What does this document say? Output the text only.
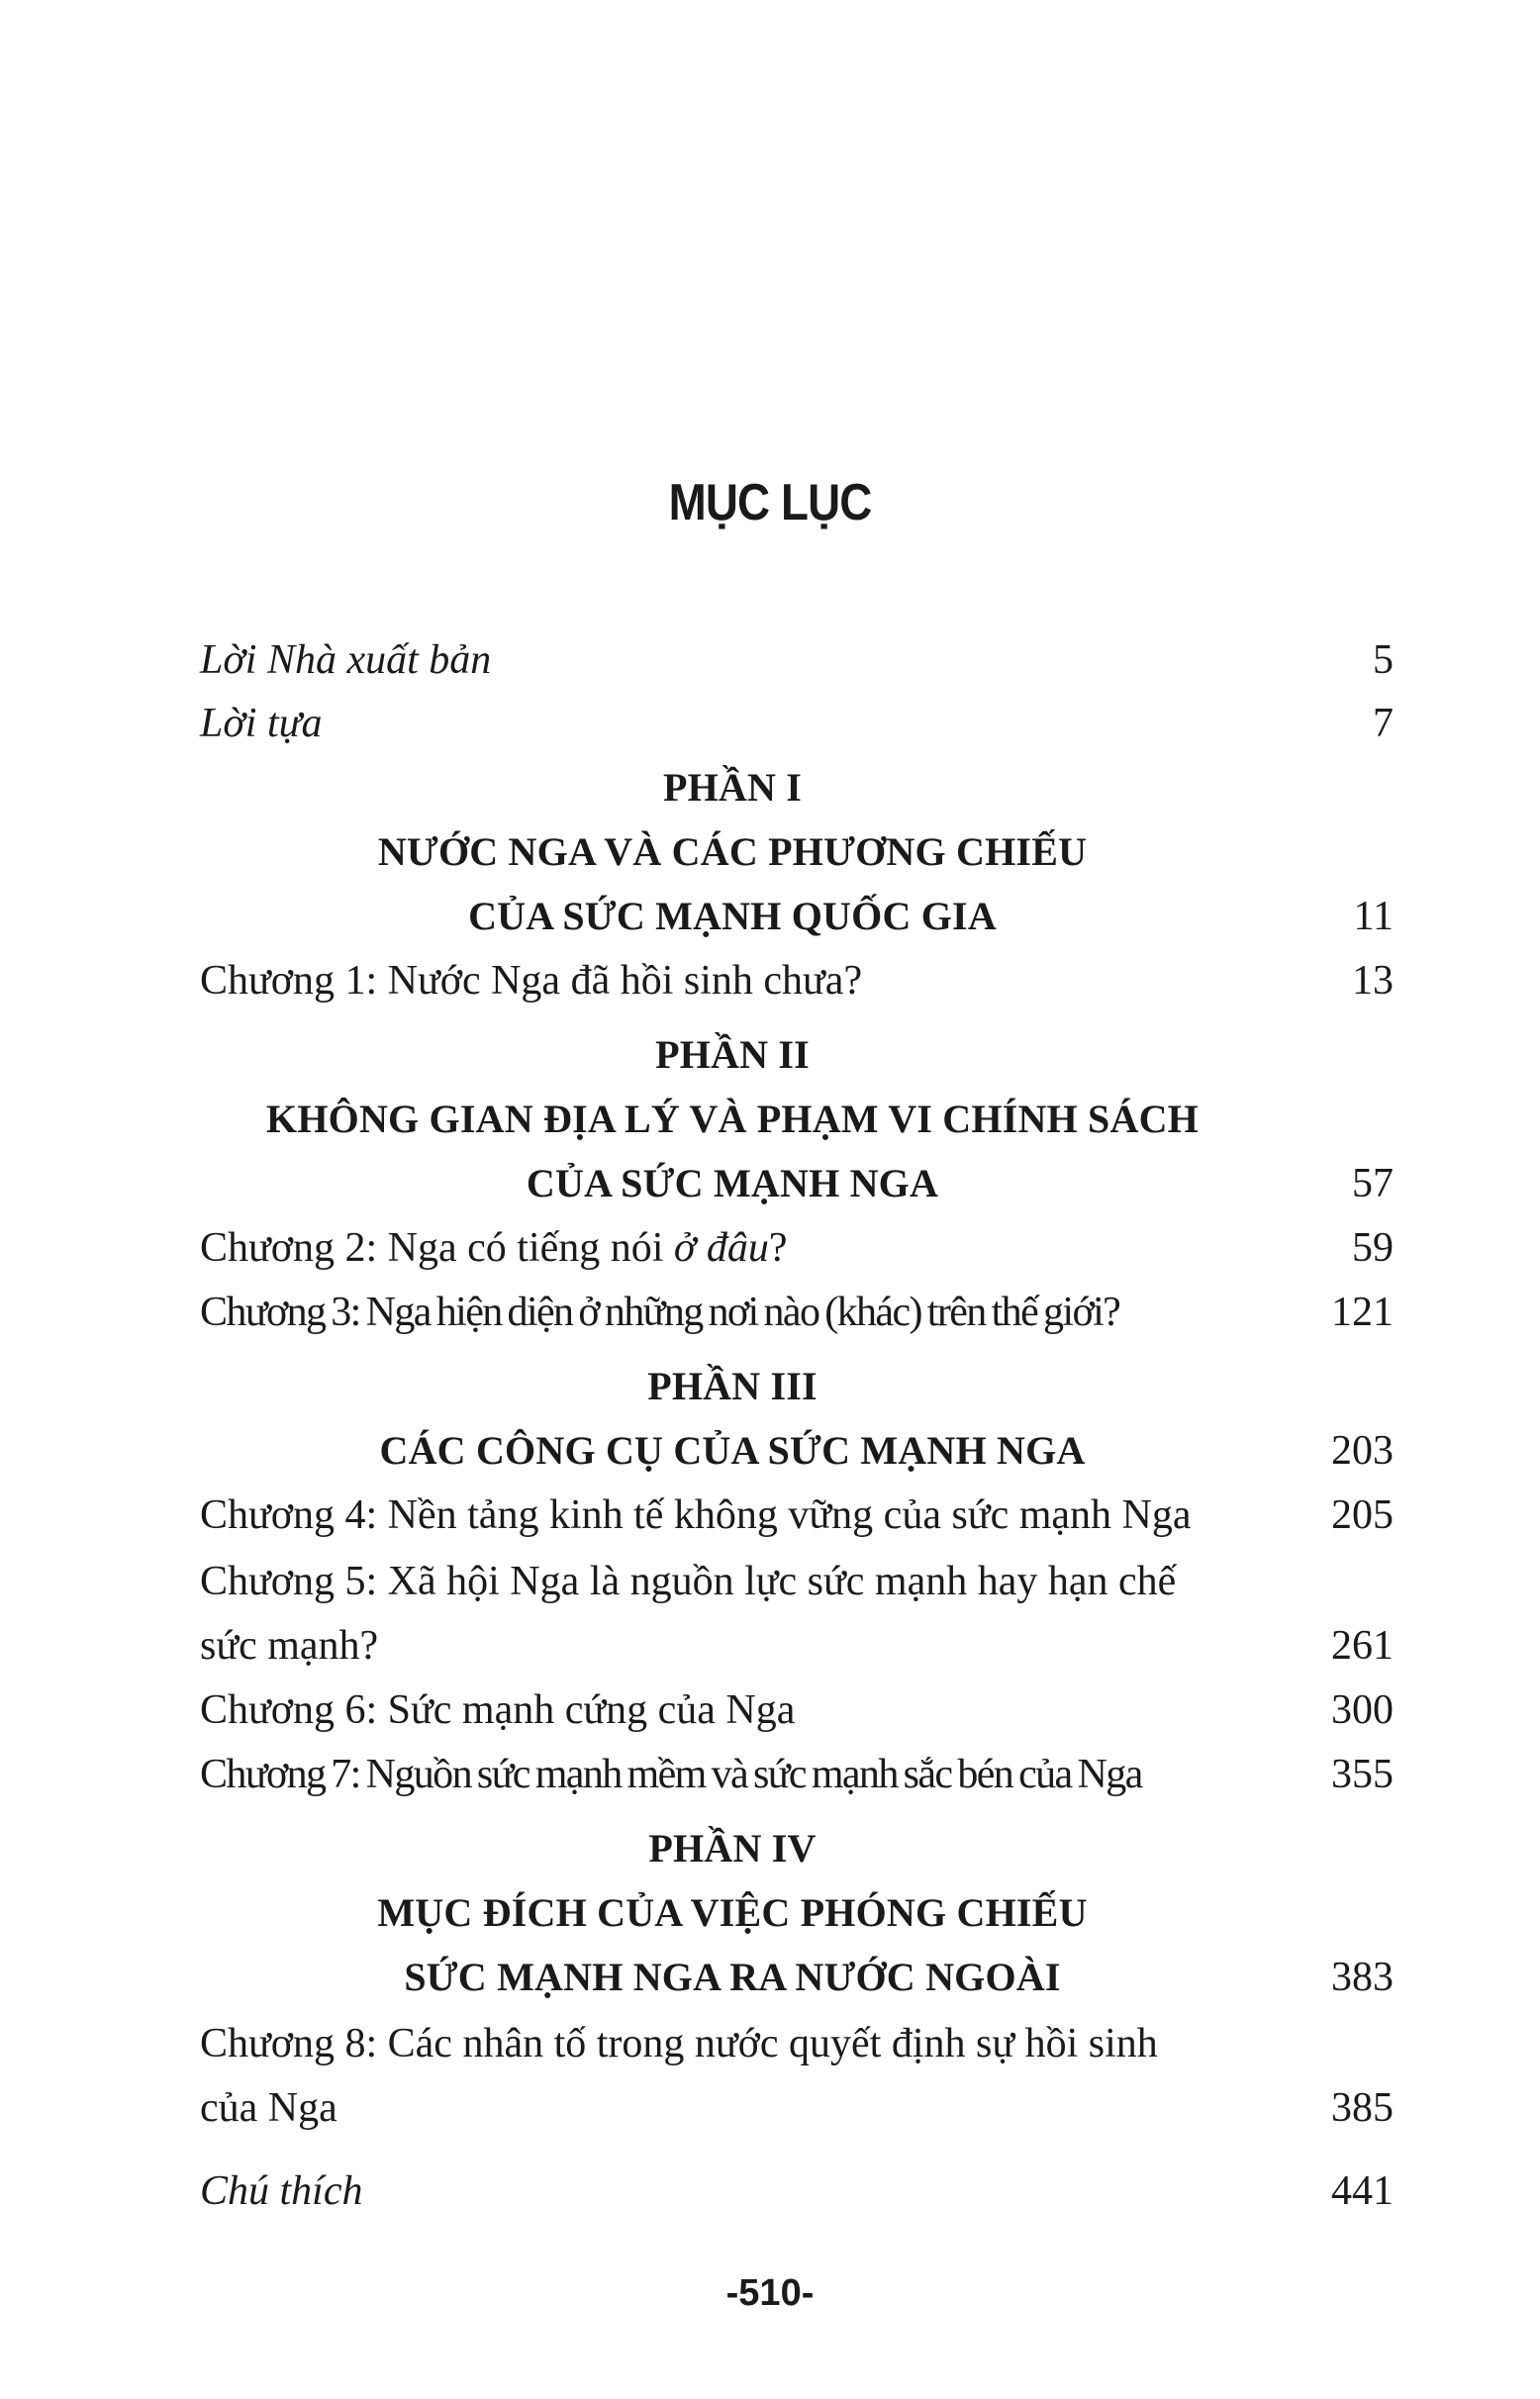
MỤC LỤC
Lời Nhà xuất bản	5
Lời tựa	7
PHẦN I
NƯỚC NGA VÀ CÁC PHƯƠNG CHIẾU
CỦA SỨC MẠNH QUỐC GIA	11
Chương 1: Nước Nga đã hồi sinh chưa?	13
PHẦN II
KHÔNG GIAN ĐỊA LÝ VÀ PHẠM VI CHÍNH SÁCH
CỦA SỨC MẠNH NGA	57
Chương 2: Nga có tiếng nói ở đâu?	59
Chương 3: Nga hiện diện ở những nơi nào (khác) trên thế giới?	121
PHẦN III
CÁC CÔNG CỤ CỦA SỨC MẠNH NGA	203
Chương 4: Nền tảng kinh tế không vững của sức mạnh Nga	205
Chương 5: Xã hội Nga là nguồn lực sức mạnh hay hạn chế
sức mạnh?	261
Chương 6: Sức mạnh cứng của Nga	300
Chương 7: Nguồn sức mạnh mềm và sức mạnh sắc bén của Nga	355
PHẦN IV
MỤC ĐÍCH CỦA VIỆC PHÓNG CHIẾU
SỨC MẠNH NGA RA NƯỚC NGOÀI	383
Chương 8: Các nhân tố trong nước quyết định sự hồi sinh
của Nga	385
Chú thích	441
-510-
